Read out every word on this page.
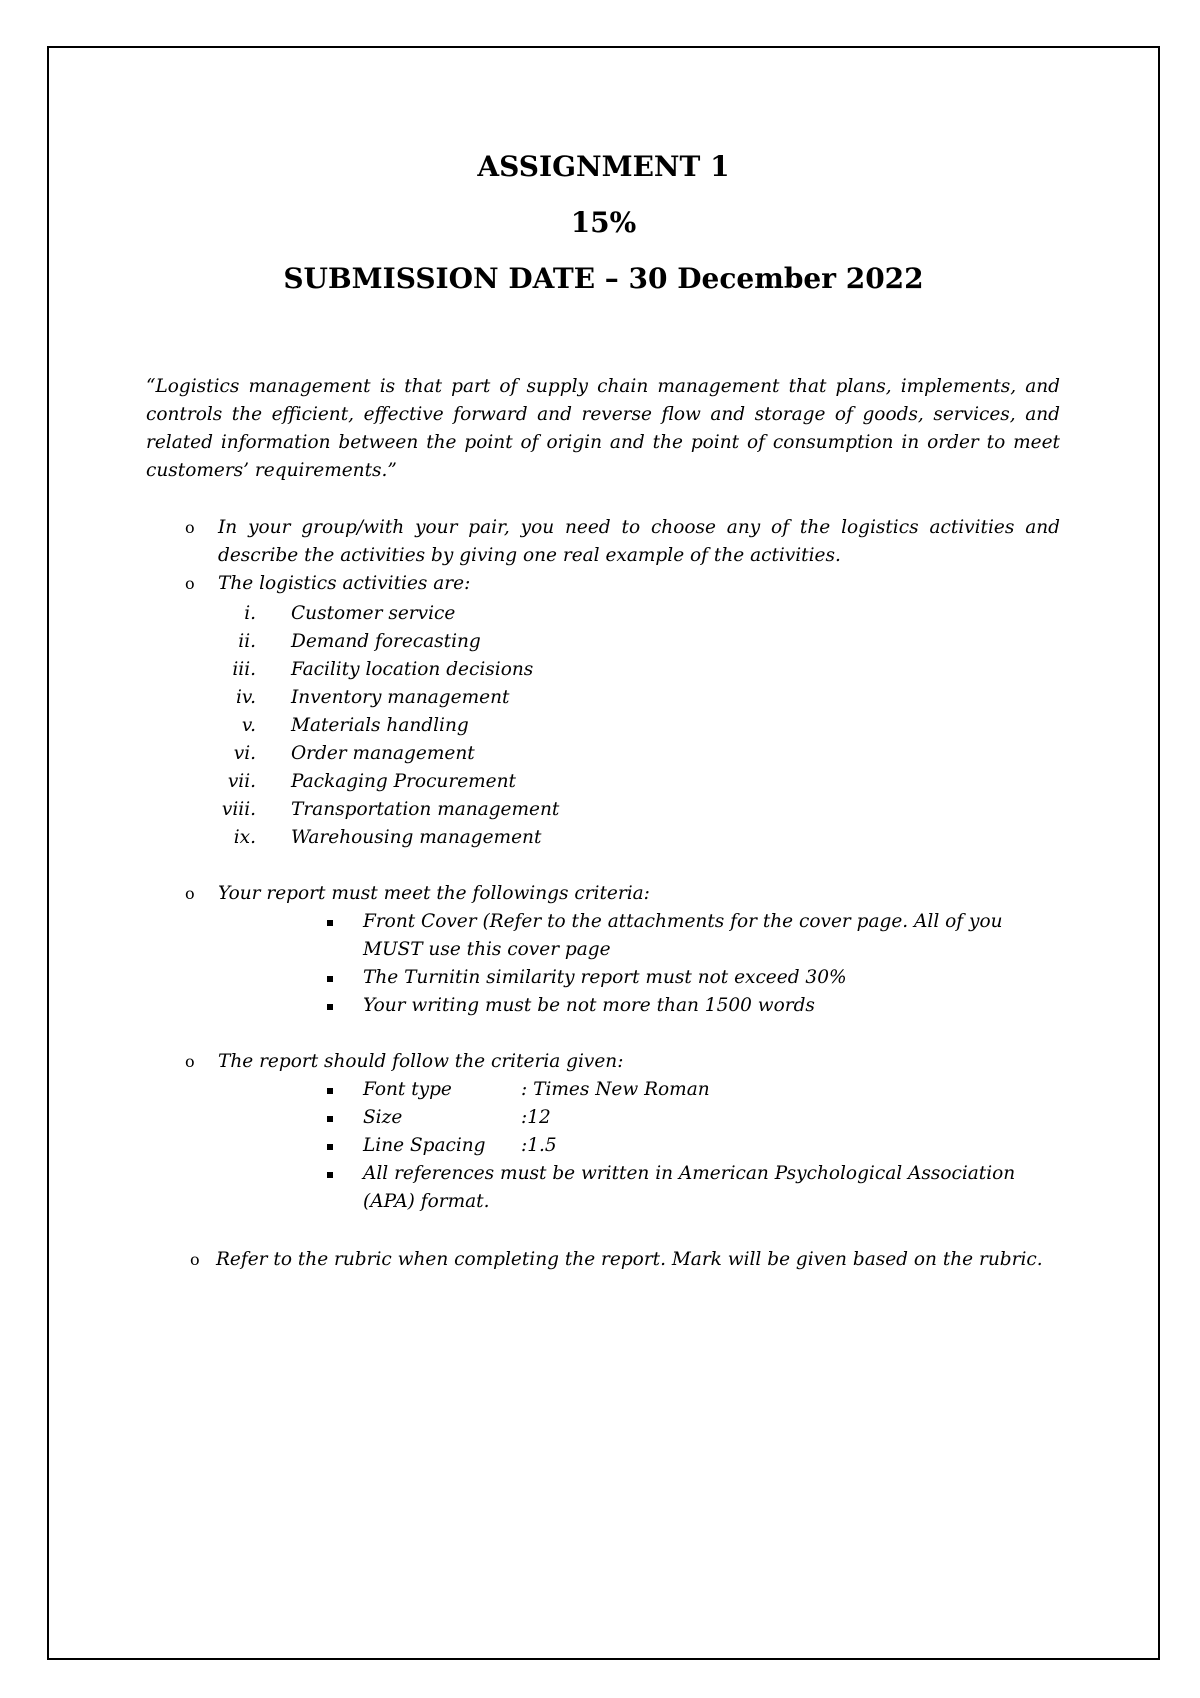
ASSIGNMENT 1
15%
SUBMISSION DATE – 30 December 2022
“Logistics management is that part of supply chain management that plans, implements, and controls the efficient, effective forward and reverse flow and storage of goods, services, and related information between the point of origin and the point of consumption in order to meet customers’ requirements.”
o	In your group/with your pair, you need to choose any of the logistics activities and describe the activities by giving one real example of the activities.
o	The logistics activities are:
i. Customer service
ii. Demand forecasting
iii. Facility location decisions
iv. Inventory management
v. Materials handling
vi. Order management
vii. Packaging Procurement
viii. Transportation management
ix. Warehousing management
o	Your report must meet the followings criteria:
Front Cover (Refer to the attachments for the cover page. All of you MUST use this cover page
The Turnitin similarity report must not exceed 30%
Your writing must be not more than 1500 words
o	The report should follow the criteria given:
Font type	: Times New Roman
Size	:12
Line Spacing :1.5
All references must be written in American Psychological Association (APA) format.
o Refer to the rubric when completing the report. Mark will be given based on the rubric.
